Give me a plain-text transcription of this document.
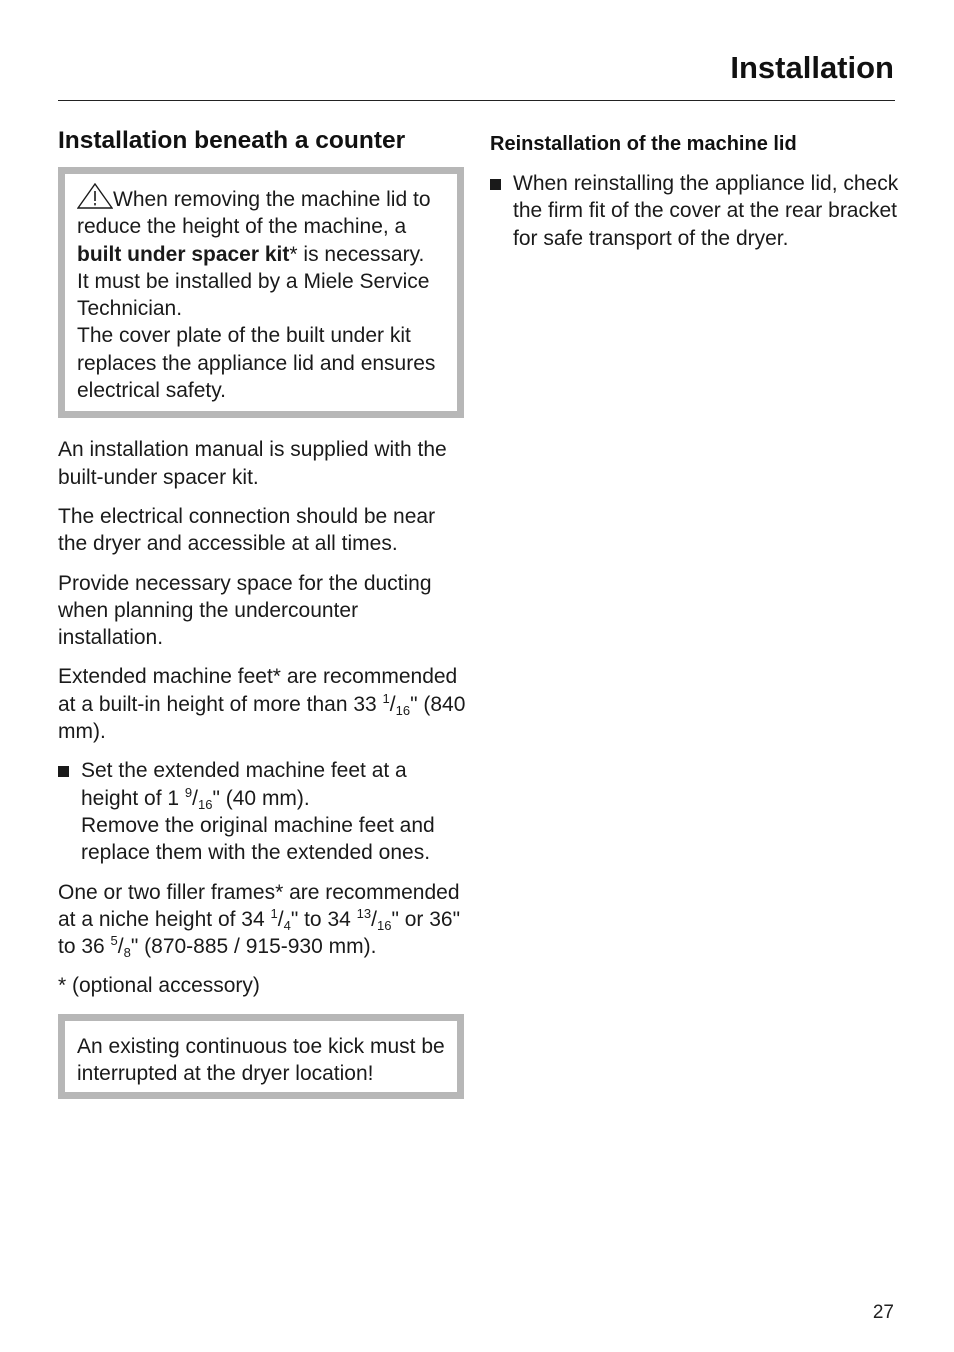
Installation
Installation beneath a counter
When removing the machine lid to reduce the height of the machine, a built under spacer kit* is necessary.
It must be installed by a Miele Service Technician.
The cover plate of the built under kit replaces the appliance lid and ensures electrical safety.

An installation manual is supplied with the built-under spacer kit.

The electrical connection should be near the dryer and accessible at all times.

Provide necessary space for the ducting when planning the undercounter installation.

Extended machine feet* are recommended at a built-in height of more than 33 $^1/_{16}$" (840 mm).

Set the extended machine feet at a height of 1 $^9/_{16}$" (40 mm).
Remove the original machine feet and replace them with the extended ones.

One or two filler frames* are recommended at a niche height of 34 $^1/_4$" to 34 $^{13}/_{16}$" or 36" to 36 $^5/_8$" (870-885 / 915-930 mm).

* (optional accessory)

An existing continuous toe kick must be interrupted at the dryer location!
Reinstallation of the machine lid
When reinstalling the appliance lid, check the firm fit of the cover at the rear bracket for safe transport of the dryer.
27
